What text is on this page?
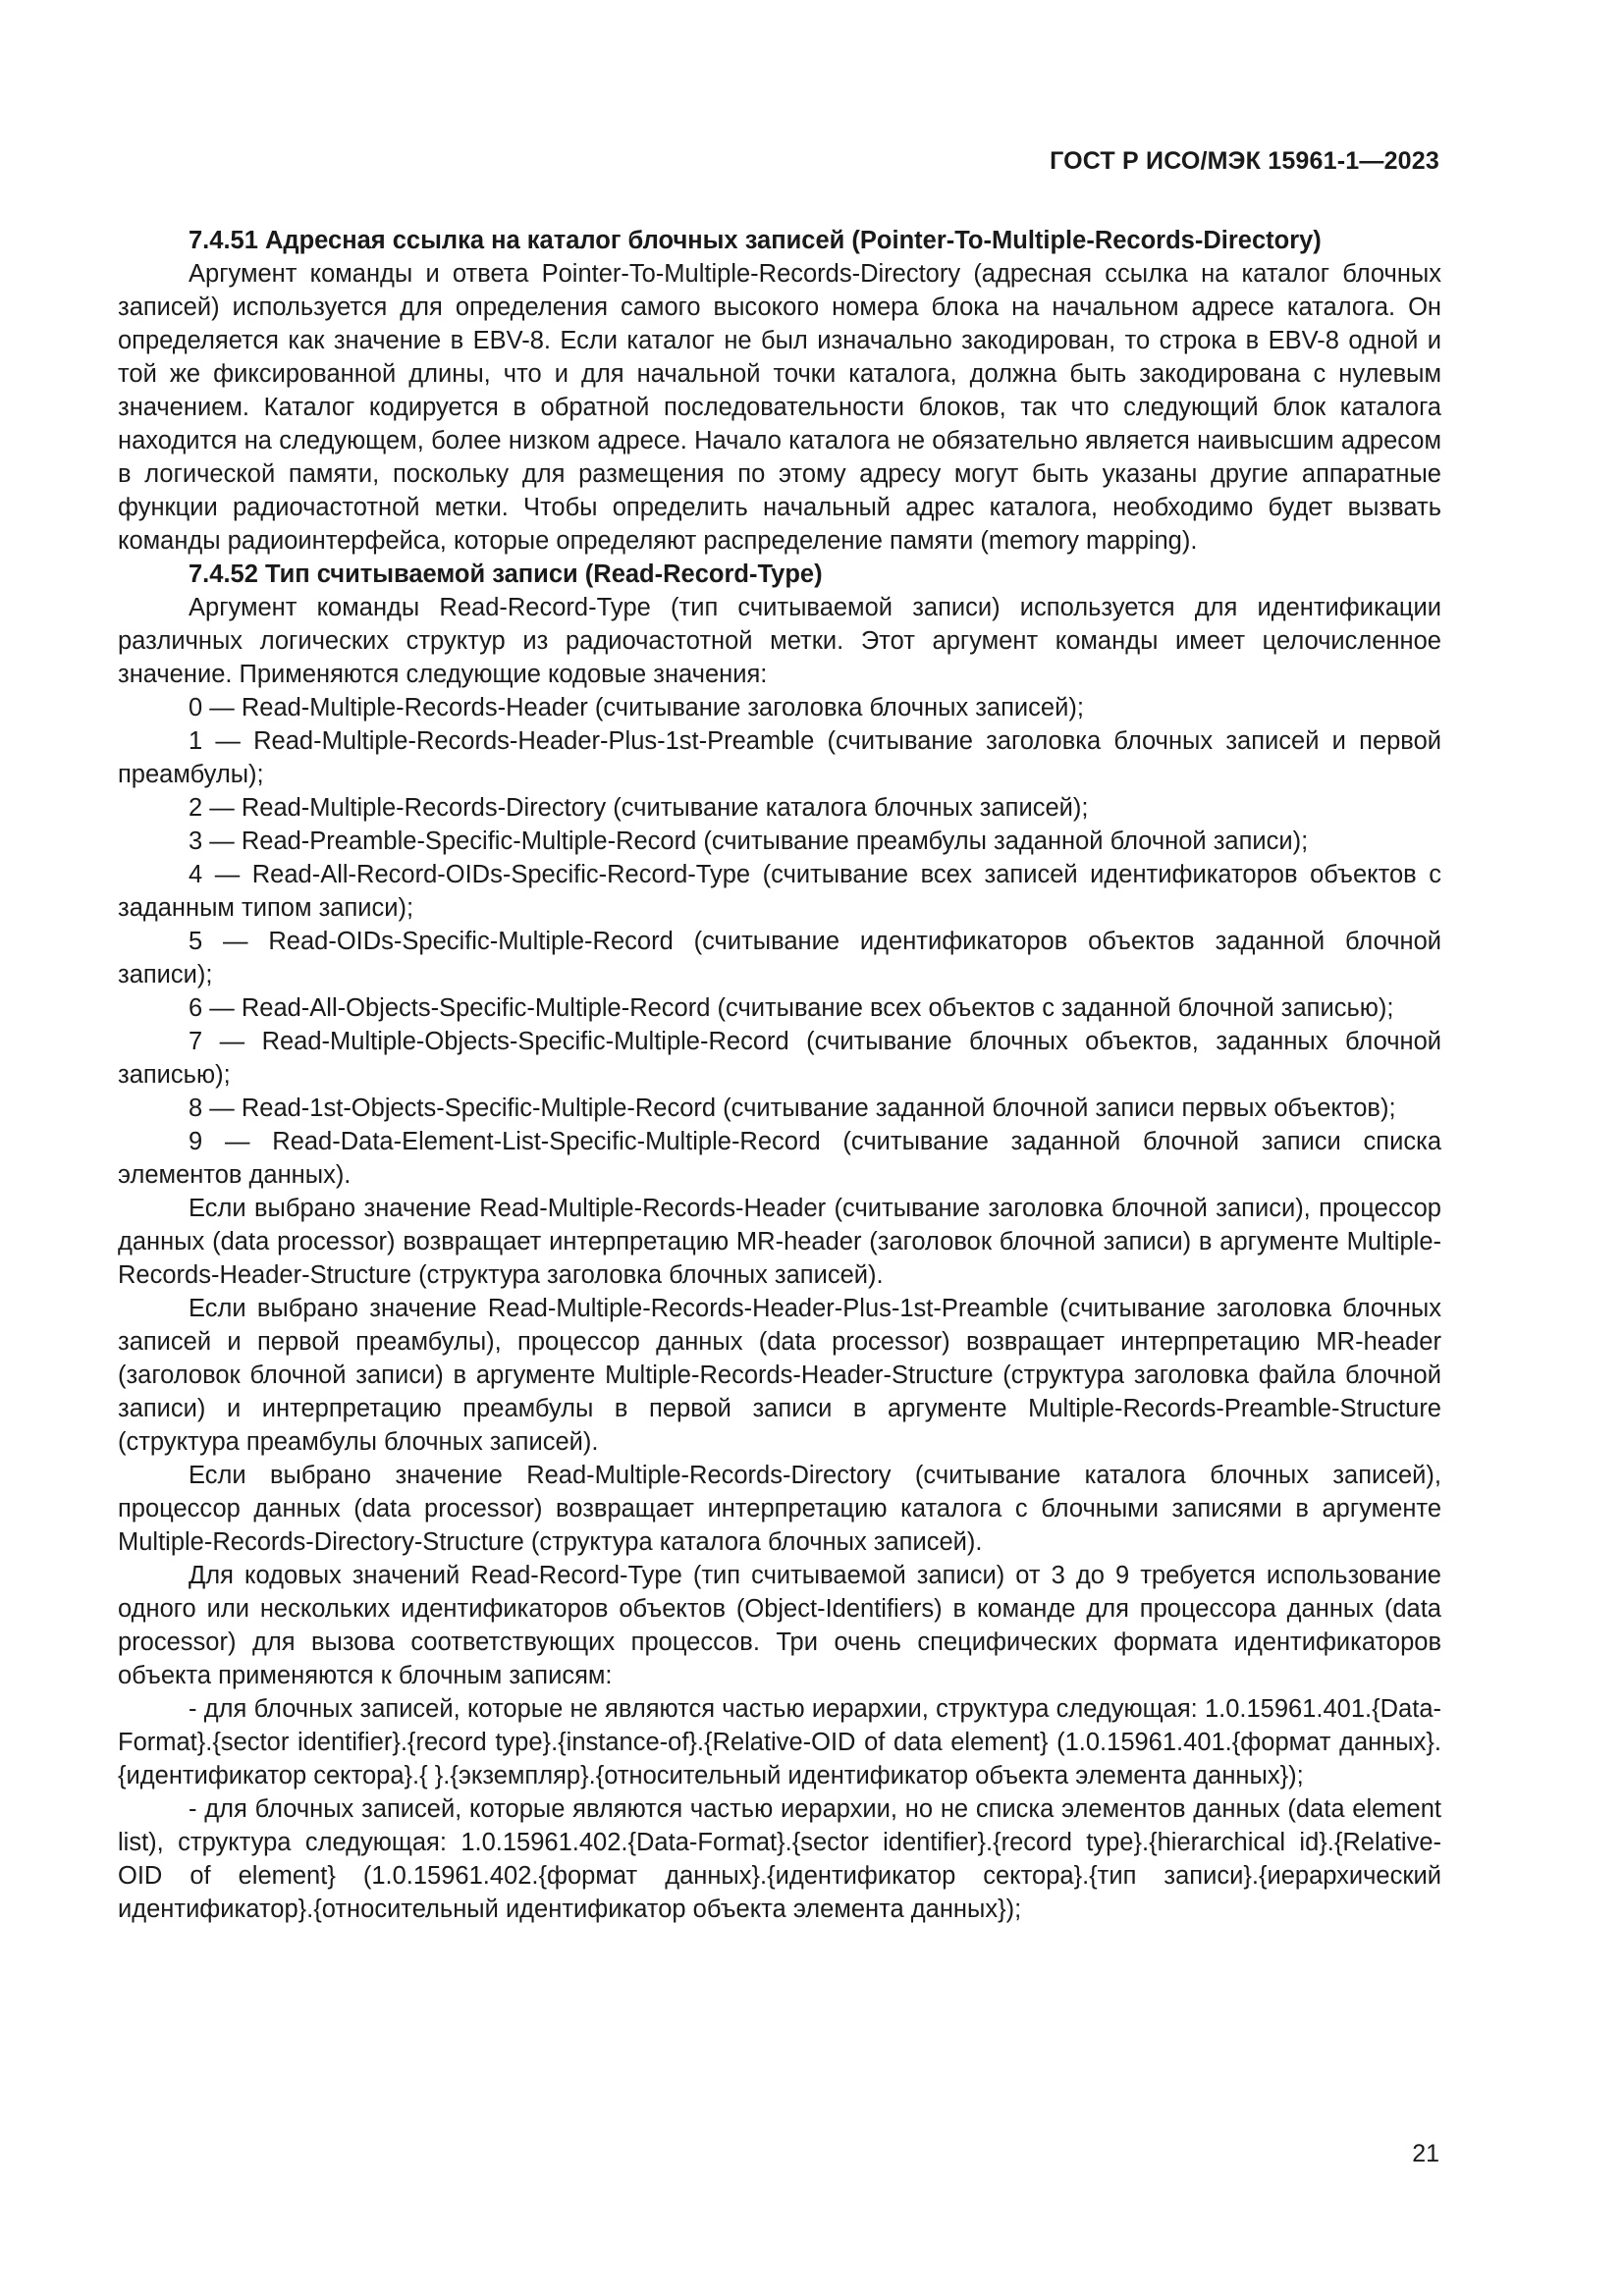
ГОСТ Р ИСО/МЭК 15961-1—2023

7.4.51 Адресная ссылка на каталог блочных записей (Pointer-To-Multiple-Records-Directory)

Аргумент команды и ответа Pointer-To-Multiple-Records-Directory (адресная ссылка на каталог блочных записей) используется для определения самого высокого номера блока на начальном адресе каталога. Он определяется как значение в EBV-8. Если каталог не был изначально закодирован, то строка в EBV-8 одной и той же фиксированной длины, что и для начальной точки каталога, должна быть закодирована с нулевым значением. Каталог кодируется в обратной последовательности блоков, так что следующий блок каталога находится на следующем, более низком адресе. Начало каталога не обязательно является наивысшим адресом в логической памяти, поскольку для размещения по этому адресу могут быть указаны другие аппаратные функции радиочастотной метки. Чтобы определить начальный адрес каталога, необходимо будет вызвать команды радиоинтерфейса, которые определяют распределение памяти (memory mapping).

7.4.52 Тип считываемой записи (Read-Record-Type)

Аргумент команды Read-Record-Type (тип считываемой записи) используется для идентификации различных логических структур из радиочастотной метки. Этот аргумент команды имеет целочисленное значение. Применяются следующие кодовые значения:

0 — Read-Multiple-Records-Header (считывание заголовка блочных записей);

1 — Read-Multiple-Records-Header-Plus-1st-Preamble (считывание заголовка блочных записей и первой преамбулы);

2 — Read-Multiple-Records-Directory (считывание каталога блочных записей);

3 — Read-Preamble-Specific-Multiple-Record (считывание преамбулы заданной блочной записи);

4 — Read-All-Record-OIDs-Specific-Record-Type (считывание всех записей идентификаторов объектов с заданным типом записи);

5 — Read-OIDs-Specific-Multiple-Record (считывание идентификаторов объектов заданной блочной записи);

6 — Read-All-Objects-Specific-Multiple-Record (считывание всех объектов с заданной блочной записью);

7 — Read-Multiple-Objects-Specific-Multiple-Record (считывание блочных объектов, заданных блочной записью);

8 — Read-1st-Objects-Specific-Multiple-Record (считывание заданной блочной записи первых объектов);

9 — Read-Data-Element-List-Specific-Multiple-Record (считывание заданной блочной записи списка элементов данных).

Если выбрано значение Read-Multiple-Records-Header (считывание заголовка блочной записи), процессор данных (data processor) возвращает интерпретацию MR-header (заголовок блочной записи) в аргументе Multiple-Records-Header-Structure (структура заголовка блочных записей).

Если выбрано значение Read-Multiple-Records-Header-Plus-1st-Preamble (считывание заголовка блочных записей и первой преамбулы), процессор данных (data processor) возвращает интерпретацию MR-header (заголовок блочной записи) в аргументе Multiple-Records-Header-Structure (структура заголовка файла блочной записи) и интерпретацию преамбулы в первой записи в аргументе Multiple-Records-Preamble-Structure (структура преамбулы блочных записей).

Если выбрано значение Read-Multiple-Records-Directory (считывание каталога блочных записей), процессор данных (data processor) возвращает интерпретацию каталога с блочными записями в аргументе Multiple-Records-Directory-Structure (структура каталога блочных записей).

Для кодовых значений Read-Record-Type (тип считываемой записи) от 3 до 9 требуется использование одного или нескольких идентификаторов объектов (Object-Identifiers) в команде для процессора данных (data processor) для вызова соответствующих процессов. Три очень специфических формата идентификаторов объекта применяются к блочным записям:

- для блочных записей, которые не являются частью иерархии, структура следующая: 1.0.15961.401.{Data-Format}.{sector identifier}.{record type}.{instance-of}.{Relative-OID of data element} (1.0.15961.401.{формат данных}.{идентификатор сектора}.{ }.{экземпляр}.{относительный идентификатор объекта элемента данных});

- для блочных записей, которые являются частью иерархии, но не списка элементов данных (data element list), структура следующая: 1.0.15961.402.{Data-Format}.{sector identifier}.{record type}.{hierarchical id}.{Relative-OID of element} (1.0.15961.402.{формат данных}.{идентификатор сектора}.{тип записи}.{иерархический идентификатор}.{относительный идентификатор объекта элемента данных});

21
